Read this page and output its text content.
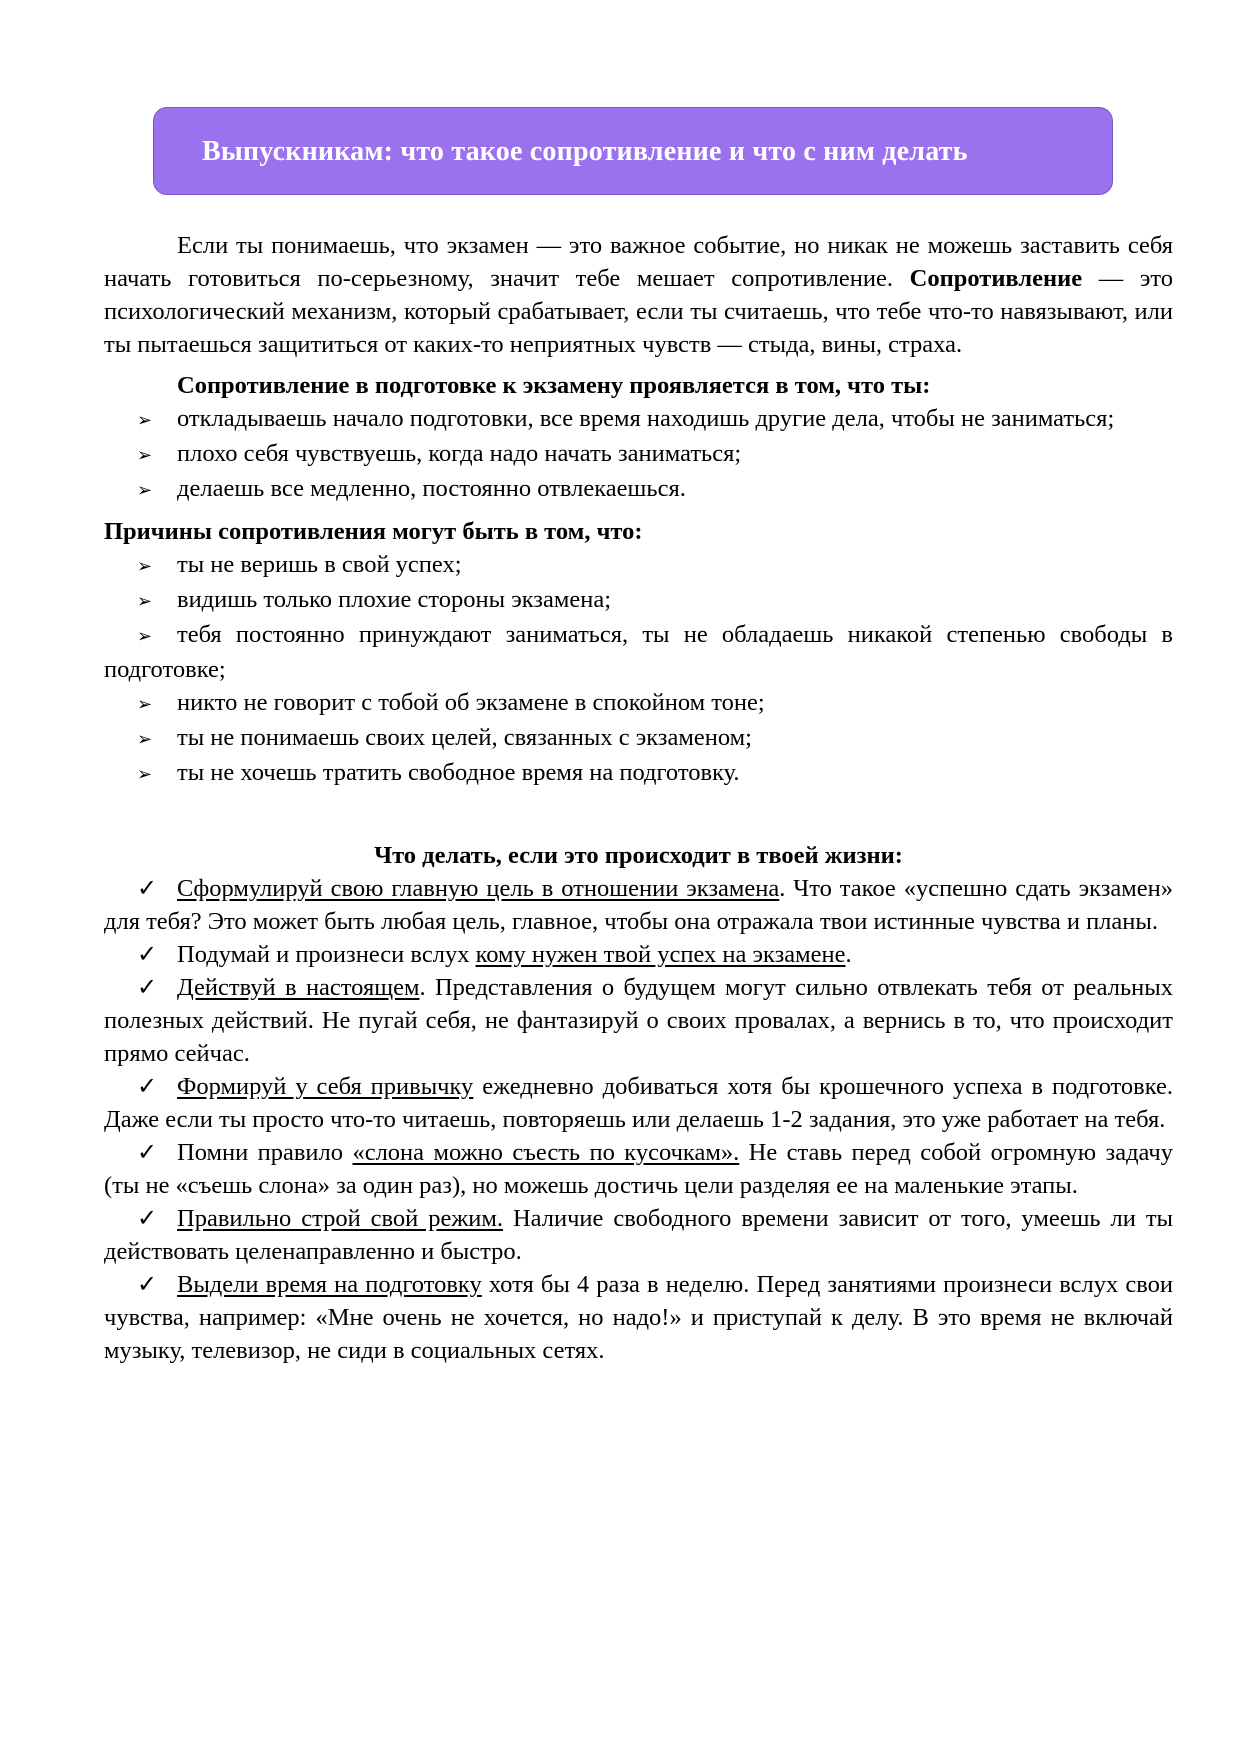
Выпускникам: что такое сопротивление и что с ним делать

Если ты понимаешь, что экзамен — это важное событие, но никак не можешь заставить себя начать готовиться по-серьезному, значит тебе мешает сопротивление. Сопротивление — это психологический механизм, который срабатывает, если ты считаешь, что тебе что-то навязывают, или ты пытаешься защититься от каких-то неприятных чувств — стыда, вины, страха.

Сопротивление в подготовке к экзамену проявляется в том, что ты:

➢ откладываешь начало подготовки, все время находишь другие дела, чтобы не заниматься;

➢ плохо себя чувствуешь, когда надо начать заниматься;

➢ делаешь все медленно, постоянно отвлекаешься.

Причины сопротивления могут быть в том, что:

➢ ты не веришь в свой успех;

➢ видишь только плохие стороны экзамена;

➢ тебя постоянно принуждают заниматься, ты не обладаешь никакой степенью свободы в подготовке;

➢ никто не говорит с тобой об экзамене в спокойном тоне;

➢ ты не понимаешь своих целей, связанных с экзаменом;

➢ ты не хочешь тратить свободное время на подготовку.

Что делать, если это происходит в твоей жизни:

✓ Сформулируй свою главную цель в отношении экзамена. Что такое «успешно сдать экзамен» для тебя? Это может быть любая цель, главное, чтобы она отражала твои истинные чувства и планы.

✓ Подумай и произнеси вслух кому нужен твой успех на экзамене.

✓ Действуй в настоящем. Представления о будущем могут сильно отвлекать тебя от реальных полезных действий. Не пугай себя, не фантазируй о своих провалах, а вернись в то, что происходит прямо сейчас.

✓ Формируй у себя привычку ежедневно добиваться хотя бы крошечного успеха в подготовке. Даже если ты просто что-то читаешь, повторяешь или делаешь 1-2 задания, это уже работает на тебя.

✓ Помни правило «слона можно съесть по кусочкам». Не ставь перед собой огромную задачу (ты не «съешь слона» за один раз), но можешь достичь цели разделяя ее на маленькие этапы.

✓ Правильно строй свой режим. Наличие свободного времени зависит от того, умеешь ли ты действовать целенаправленно и быстро.

✓ Выдели время на подготовку хотя бы 4 раза в неделю. Перед занятиями произнеси вслух свои чувства, например: «Мне очень не хочется, но надо!» и приступай к делу. В это время не включай музыку, телевизор, не сиди в социальных сетях.
